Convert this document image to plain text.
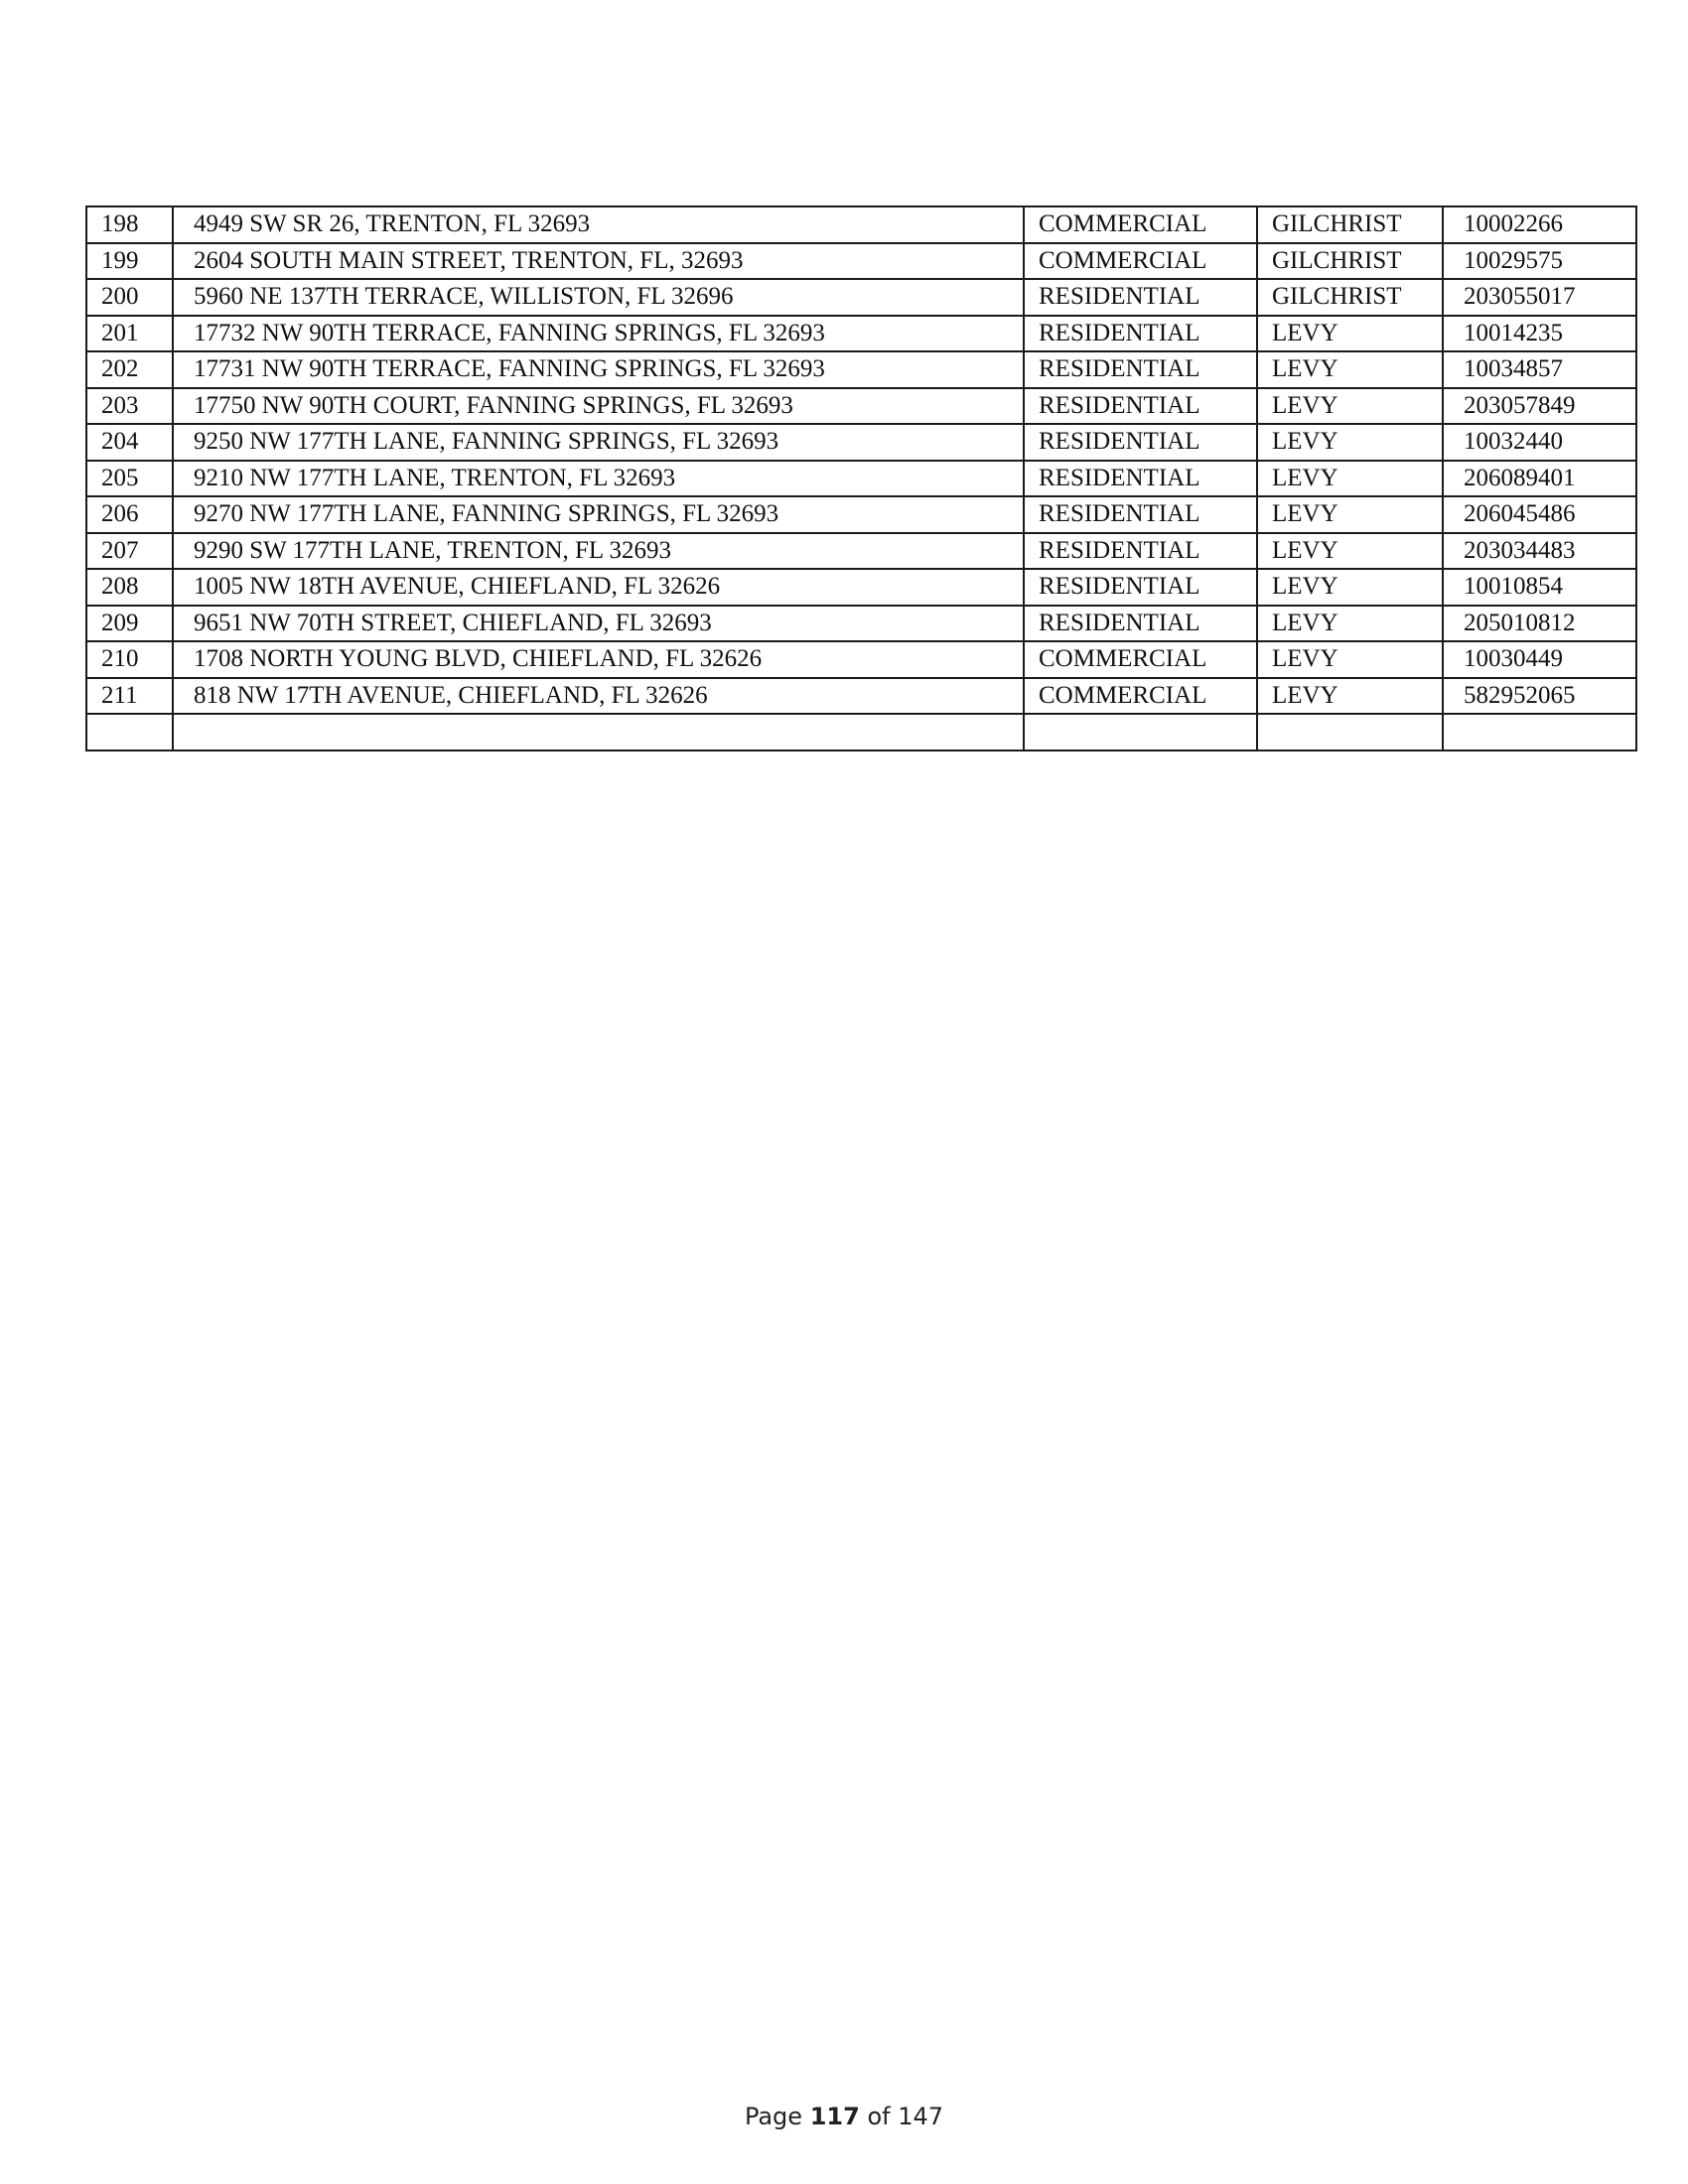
198	4949 SW SR 26, TRENTON, FL 32693	COMMERCIAL	GILCHRIST	10002266
199	2604 SOUTH MAIN STREET, TRENTON, FL, 32693	COMMERCIAL	GILCHRIST	10029575
200	5960 NE 137TH TERRACE, WILLISTON, FL 32696	RESIDENTIAL	GILCHRIST	203055017
201	17732 NW 90TH TERRACE, FANNING SPRINGS, FL 32693	RESIDENTIAL	LEVY	10014235
202	17731 NW 90TH TERRACE, FANNING SPRINGS, FL 32693	RESIDENTIAL	LEVY	10034857
203	17750 NW 90TH COURT, FANNING SPRINGS, FL 32693	RESIDENTIAL	LEVY	203057849
204	9250 NW 177TH LANE, FANNING SPRINGS, FL 32693	RESIDENTIAL	LEVY	10032440
205	9210 NW 177TH LANE, TRENTON, FL 32693	RESIDENTIAL	LEVY	206089401
206	9270 NW 177TH LANE, FANNING SPRINGS, FL 32693	RESIDENTIAL	LEVY	206045486
207	9290 SW 177TH LANE, TRENTON, FL 32693	RESIDENTIAL	LEVY	203034483
208	1005 NW 18TH AVENUE, CHIEFLAND, FL 32626	RESIDENTIAL	LEVY	10010854
209	9651 NW 70TH STREET, CHIEFLAND, FL 32693	RESIDENTIAL	LEVY	205010812
210	1708 NORTH YOUNG BLVD, CHIEFLAND, FL 32626	COMMERCIAL	LEVY	10030449
211	818 NW 17TH AVENUE, CHIEFLAND, FL 32626	COMMERCIAL	LEVY	582952065

Page 117 of 147
